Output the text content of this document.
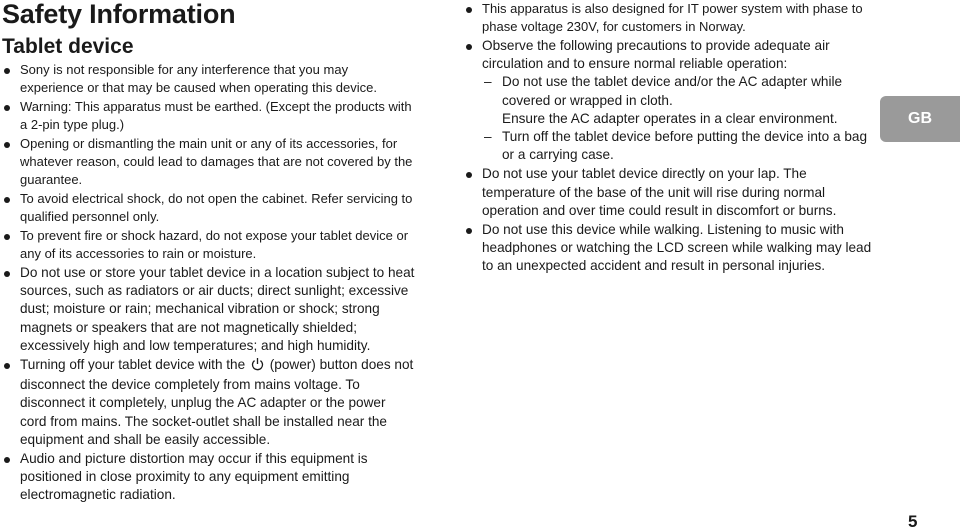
Safety Information
Tablet device
Sony is not responsible for any interference that you may experience or that may be caused when operating this device.
Warning: This apparatus must be earthed. (Except the products with a 2-pin type plug.)
Opening or dismantling the main unit or any of its accessories, for whatever reason, could lead to damages that are not covered by the guarantee.
To avoid electrical shock, do not open the cabinet. Refer servicing to qualified personnel only.
To prevent fire or shock hazard, do not expose your tablet device or any of its accessories to rain or moisture.
Do not use or store your tablet device in a location subject to heat sources, such as radiators or air ducts; direct sunlight; excessive dust; moisture or rain; mechanical vibration or shock; strong magnets or speakers that are not magnetically shielded; excessively high and low temperatures; and high humidity.
Turning off your tablet device with the (power) button does not disconnect the device completely from mains voltage. To disconnect it completely, unplug the AC adapter or the power cord from mains. The socket-outlet shall be installed near the equipment and shall be easily accessible.
Audio and picture distortion may occur if this equipment is positioned in close proximity to any equipment emitting electromagnetic radiation.
This apparatus is also designed for IT power system with phase to phase voltage 230V, for customers in Norway.
Observe the following precautions to provide adequate air circulation and to ensure normal reliable operation:
– Do not use the tablet device and/or the AC adapter while covered or wrapped in cloth.
Ensure the AC adapter operates in a clear environment.
– Turn off the tablet device before putting the device into a bag or a carrying case.
Do not use your tablet device directly on your lap. The temperature of the base of the unit will rise during normal operation and over time could result in discomfort or burns.
Do not use this device while walking. Listening to music with headphones or watching the LCD screen while walking may lead to an unexpected accident and result in personal injuries.
GB
5
